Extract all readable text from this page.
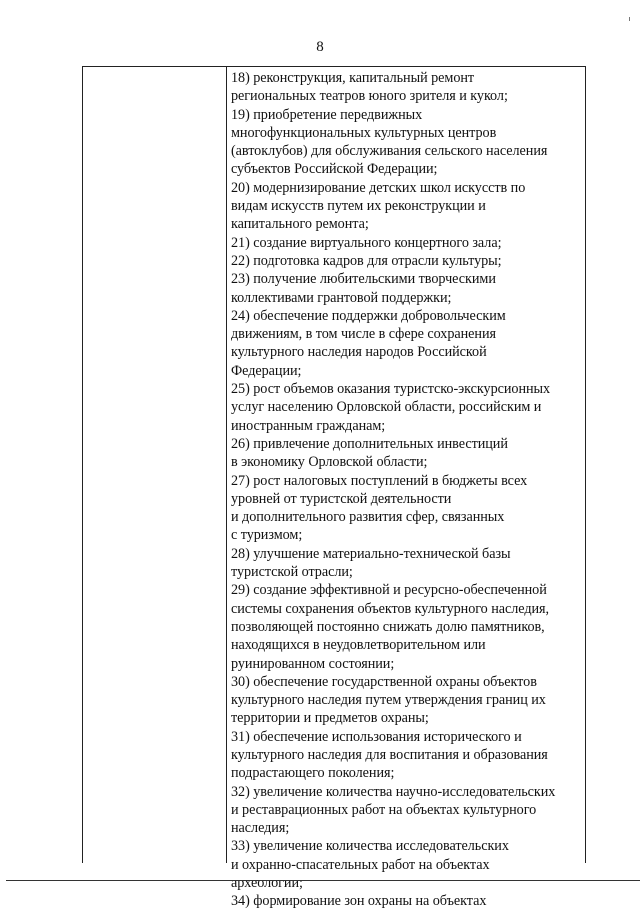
8
18) реконструкция, капитальный ремонт
региональных театров юного зрителя и кукол;
19) приобретение передвижных
многофункциональных культурных центров
(автоклубов) для обслуживания сельского населения
субъектов Российской Федерации;
20) модернизирование детских школ искусств по
видам искусств путем их реконструкции и
капитального ремонта;
21) создание виртуального концертного зала;
22) подготовка кадров для отрасли культуры;
23) получение любительскими творческими
коллективами грантовой поддержки;
24) обеспечение поддержки добровольческим
движениям, в том числе в сфере сохранения
культурного наследия народов Российской
Федерации;
25) рост объемов оказания туристско-экскурсионных
услуг населению Орловской области, российским и
иностранным гражданам;
26) привлечение дополнительных инвестиций
в экономику Орловской области;
27) рост налоговых поступлений в бюджеты всех
уровней от туристской деятельности
и дополнительного развития сфер, связанных
с туризмом;
28) улучшение материально-технической базы
туристской отрасли;
29) создание эффективной и ресурсно-обеспеченной
системы сохранения объектов культурного наследия,
позволяющей постоянно снижать долю памятников,
находящихся в неудовлетворительном или
руинированном состоянии;
30) обеспечение государственной охраны объектов
культурного наследия путем утверждения границ их
территории и предметов охраны;
31) обеспечение использования исторического и
культурного наследия для воспитания и образования
подрастающего поколения;
32) увеличение количества научно-исследовательских
и реставрационных работ на объектах культурного
наследия;
33) увеличение количества исследовательских
и охранно-спасательных работ на объектах
археологии;
34) формирование зон охраны на объектах
